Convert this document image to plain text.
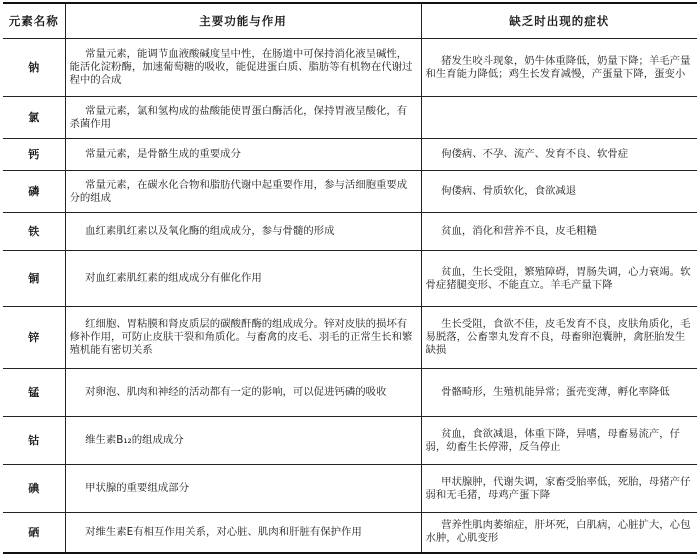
元素名称	主要功能与作用	缺乏时出现的症状
钠	常量元素，能调节血液酸碱度呈中性，在肠道中可保持消化液呈碱性，能活化淀粉酶，加速葡萄糖的吸收，能促进蛋白质、脂肪等有机物在代谢过程中的合成	猪发生咬斗现象，奶牛体重降低，奶量下降；羊毛产量和生育能力降低；鸡生长发育减慢，产蛋量下降，蛋变小
氯	常量元素，氯和氢构成的盐酸能使胃蛋白酶活化，保持胃液呈酸化，有杀菌作用	
钙	常量元素，是骨骼生成的重要成分	佝偻病、不孕、流产、发育不良、软骨症
磷	常量元素，在碳水化合物和脂肪代谢中起重要作用，参与活细胞重要成分的组成	佝偻病、骨质软化，食欲减退
铁	血红素肌红素以及氧化酶的组成成分，参与骨髓的形成	贫血，消化和营养不良，皮毛粗糙
铜	对血红素肌红素的组成成分有催化作用	贫血，生长受阻，繁殖障碍，胃肠失调，心力衰竭。软骨症猪腿变形、不能直立。羊毛产量下降
锌	红细胞、胃粘膜和肾皮质层的碳酸酐酶的组成成分。锌对皮肤的损坏有修补作用，可防止皮肤干裂和角质化。与畜禽的皮毛、羽毛的正常生长和繁殖机能有密切关系	生长受阻，食欲不佳，皮毛发育不良，皮肤角质化，毛易脱落，公畜睾丸发育不良，母畜卵泡囊肿，禽胚胎发生缺损
锰	对卵泡、肌肉和神经的活动都有一定的影响，可以促进钙磷的吸收	骨骼畸形，生殖机能异常；蛋壳变薄，孵化率降低
钴	维生素B₁₂的组成成分	贫血，食欲减退，体重下降，异嗜，母畜易流产，仔弱，幼畜生长停滞，反刍停止
碘	甲状腺的重要组成部分	甲状腺肿，代谢失调，家畜受胎率低，死胎，母猪产仔弱和无毛猪，母鸡产蛋下降
硒	对维生素E有相互作用关系，对心脏、肌肉和肝脏有保护作用	营养性肌肉萎缩症，肝坏死，白肌病，心脏扩大，心包水肿，心肌变形
